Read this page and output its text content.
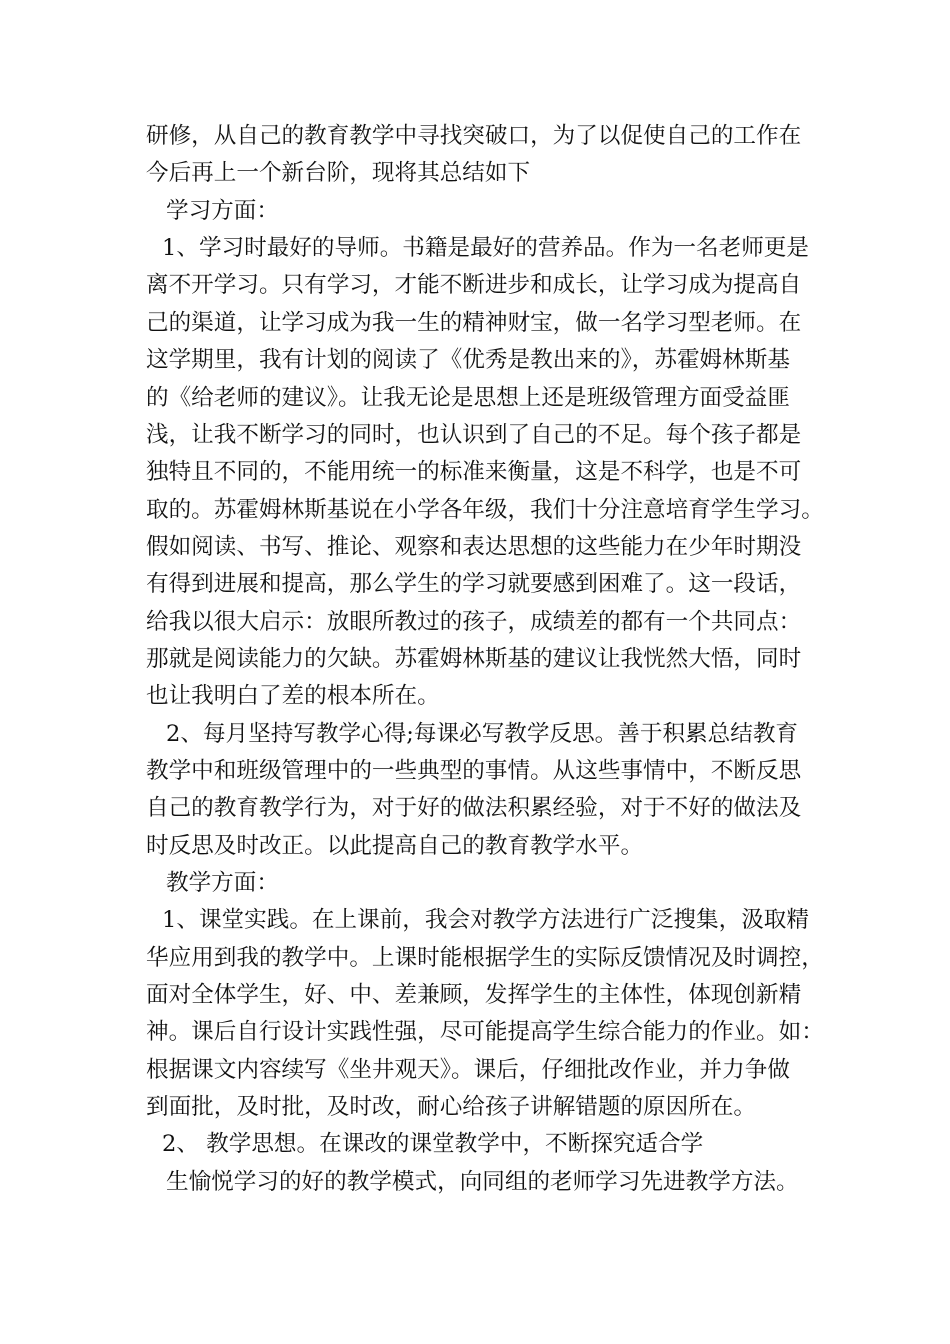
研修，从自己的教育教学中寻找突破口，为了以促使自己的工作在
今后再上一个新台阶，现将其总结如下
学习方面：
1、学习时最好的导师。书籍是最好的营养品。作为一名老师更是
离不开学习。只有学习，才能不断进步和成长，让学习成为提高自
己的渠道，让学习成为我一生的精神财宝，做一名学习型老师。在
这学期里，我有计划的阅读了《优秀是教出来的》，苏霍姆林斯基
的《给老师的建议》。让我无论是思想上还是班级管理方面受益匪
浅，让我不断学习的同时，也认识到了自己的不足。每个孩子都是
独特且不同的，不能用统一的标准来衡量，这是不科学，也是不可
取的。苏霍姆林斯基说在小学各年级，我们十分注意培育学生学习。
假如阅读、书写、推论、观察和表达思想的这些能力在少年时期没
有得到进展和提高，那么学生的学习就要感到困难了。这一段话，
给我以很大启示：放眼所教过的孩子，成绩差的都有一个共同点：
那就是阅读能力的欠缺。苏霍姆林斯基的建议让我恍然大悟，同时
也让我明白了差的根本所在。
2、每月坚持写教学心得;每课必写教学反思。善于积累总结教育
教学中和班级管理中的一些典型的事情。从这些事情中，不断反思
自己的教育教学行为，对于好的做法积累经验，对于不好的做法及
时反思及时改正。以此提高自己的教育教学水平。
教学方面：
1、课堂实践。在上课前，我会对教学方法进行广泛搜集，汲取精
华应用到我的教学中。上课时能根据学生的实际反馈情况及时调控，
面对全体学生，好、中、差兼顾，发挥学生的主体性，体现创新精
神。课后自行设计实践性强，尽可能提高学生综合能力的作业。如：
根据课文内容续写《坐井观天》。课后，仔细批改作业，并力争做
到面批，及时批，及时改，耐心给孩子讲解错题的原因所在。
2、 教学思想。在课改的课堂教学中，不断探究适合学
生愉悦学习的好的教学模式，向同组的老师学习先进教学方法。
